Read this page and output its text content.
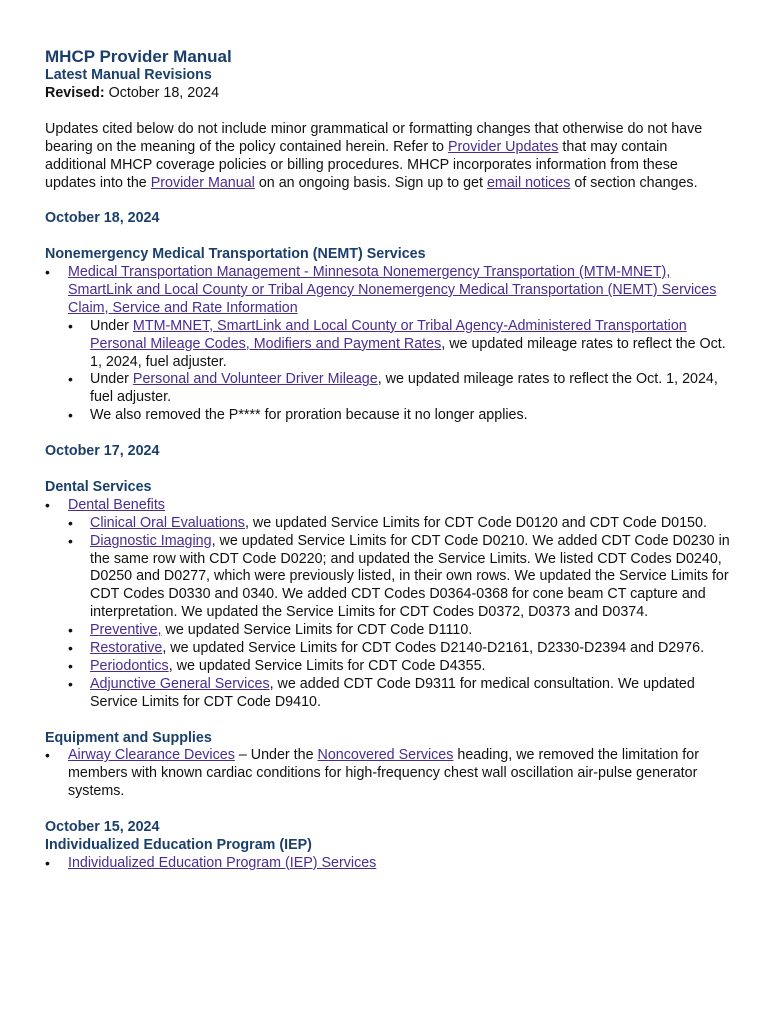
MHCP Provider Manual
Latest Manual Revisions
Revised: October 18, 2024
Updates cited below do not include minor grammatical or formatting changes that otherwise do not have bearing on the meaning of the policy contained herein. Refer to Provider Updates that may contain additional MHCP coverage policies or billing procedures. MHCP incorporates information from these updates into the Provider Manual on an ongoing basis. Sign up to get email notices of section changes.
October 18, 2024
Nonemergency Medical Transportation (NEMT) Services
• Medical Transportation Management - Minnesota Nonemergency Transportation (MTM-MNET), SmartLink and Local County or Tribal Agency Nonemergency Medical Transportation (NEMT) Services Claim, Service and Rate Information
• Under MTM-MNET, SmartLink and Local County or Tribal Agency-Administered Transportation Personal Mileage Codes, Modifiers and Payment Rates, we updated mileage rates to reflect the Oct. 1, 2024, fuel adjuster.
• Under Personal and Volunteer Driver Mileage, we updated mileage rates to reflect the Oct. 1, 2024, fuel adjuster.
• We also removed the P**** for proration because it no longer applies.
October 17, 2024
Dental Services
• Dental Benefits
• Clinical Oral Evaluations, we updated Service Limits for CDT Code D0120 and CDT Code D0150.
• Diagnostic Imaging, we updated Service Limits for CDT Code D0210. We added CDT Code D0230 in the same row with CDT Code D0220; and updated the Service Limits. We listed CDT Codes D0240, D0250 and D0277, which were previously listed, in their own rows. We updated the Service Limits for CDT Codes D0330 and 0340. We added CDT Codes D0364-0368 for cone beam CT capture and interpretation. We updated the Service Limits for CDT Codes D0372, D0373 and D0374.
• Preventive, we updated Service Limits for CDT Code D1110.
• Restorative, we updated Service Limits for CDT Codes D2140-D2161, D2330-D2394 and D2976.
• Periodontics, we updated Service Limits for CDT Code D4355.
• Adjunctive General Services, we added CDT Code D9311 for medical consultation. We updated Service Limits for CDT Code D9410.
Equipment and Supplies
• Airway Clearance Devices – Under the Noncovered Services heading, we removed the limitation for members with known cardiac conditions for high-frequency chest wall oscillation air-pulse generator systems.
October 15, 2024
Individualized Education Program (IEP)
• Individualized Education Program (IEP) Services
